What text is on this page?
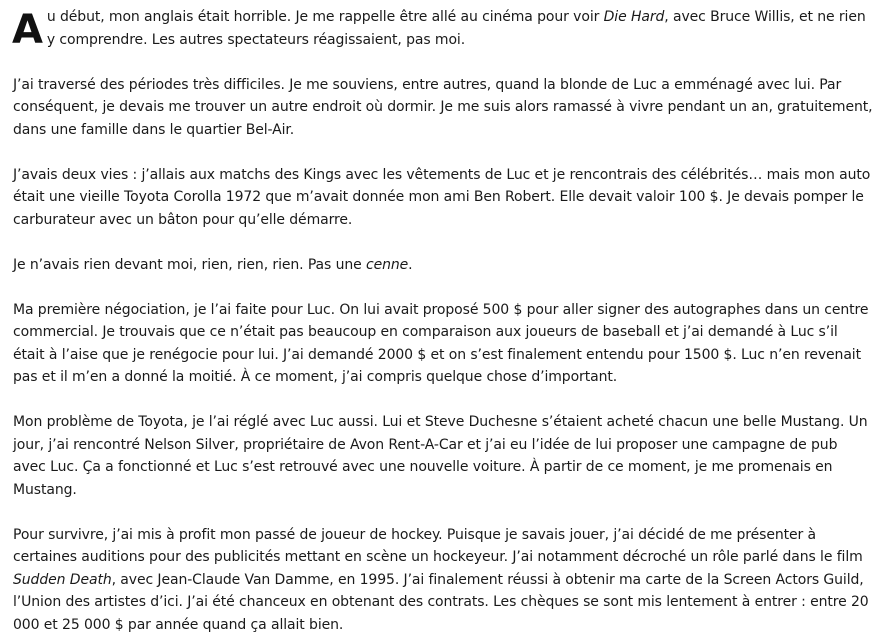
Au début, mon anglais était horrible. Je me rappelle être allé au cinéma pour voir Die Hard, avec Bruce Willis, et ne rien y comprendre. Les autres spectateurs réagissaient, pas moi.

J’ai traversé des périodes très difficiles. Je me souviens, entre autres, quand la blonde de Luc a emménagé avec lui. Par conséquent, je devais me trouver un autre endroit où dormir. Je me suis alors ramassé à vivre pendant un an, gratuitement, dans une famille dans le quartier Bel-Air.

J’avais deux vies : j’allais aux matchs des Kings avec les vêtements de Luc et je rencontrais des célébrités… mais mon auto était une vieille Toyota Corolla 1972 que m’avait donnée mon ami Ben Robert. Elle devait valoir 100 $. Je devais pomper le carburateur avec un bâton pour qu’elle démarre.

Je n’avais rien devant moi, rien, rien, rien. Pas une cenne.

Ma première négociation, je l’ai faite pour Luc. On lui avait proposé 500 $ pour aller signer des autographes dans un centre commercial. Je trouvais que ce n’était pas beaucoup en comparaison aux joueurs de baseball et j’ai demandé à Luc s’il était à l’aise que je renégocie pour lui. J’ai demandé 2000 $ et on s’est finalement entendu pour 1500 $. Luc n’en revenait pas et il m’en a donné la moitié. À ce moment, j’ai compris quelque chose d’important.

Mon problème de Toyota, je l’ai réglé avec Luc aussi. Lui et Steve Duchesne s’étaient acheté chacun une belle Mustang. Un jour, j’ai rencontré Nelson Silver, propriétaire de Avon Rent-A-Car et j’ai eu l’idée de lui proposer une campagne de pub avec Luc. Ça a fonctionné et Luc s’est retrouvé avec une nouvelle voiture. À partir de ce moment, je me promenais en Mustang.

Pour survivre, j’ai mis à profit mon passé de joueur de hockey. Puisque je savais jouer, j’ai décidé de me présenter à certaines auditions pour des publicités mettant en scène un hockeyeur. J’ai notamment décroché un rôle parlé dans le film Sudden Death, avec Jean-Claude Van Damme, en 1995. J’ai finalement réussi à obtenir ma carte de la Screen Actors Guild, l’Union des artistes d’ici. J’ai été chanceux en obtenant des contrats. Les chèques se sont mis lentement à entrer : entre 20 000 et 25 000 $ par année quand ça allait bien.
